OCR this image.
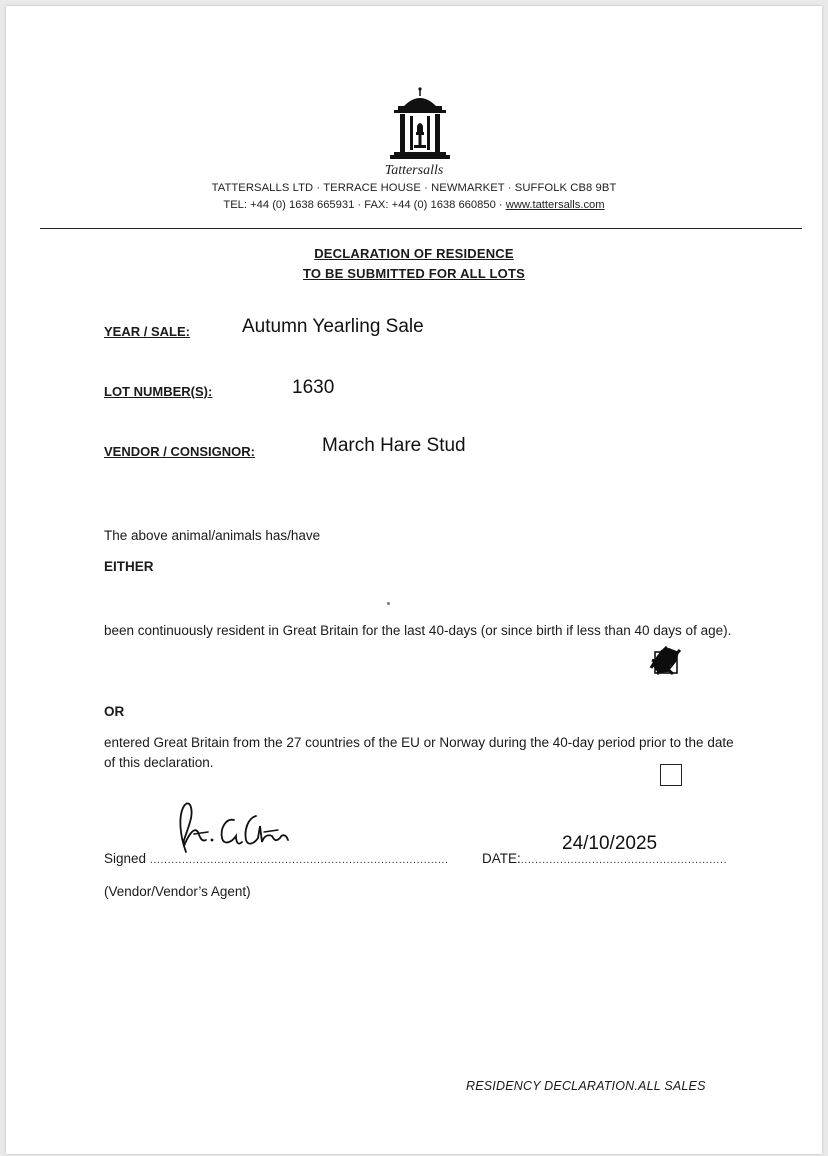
Tattersalls
TATTERSALLS LTD · TERRACE HOUSE · NEWMARKET · SUFFOLK CB8 9BT
TEL: +44 (0) 1638 665931 · FAX: +44 (0) 1638 660850 · www.tattersalls.com
DECLARATION OF RESIDENCE
TO BE SUBMITTED FOR ALL LOTS
YEAR / SALE:	Autumn Yearling Sale
LOT NUMBER(S):	1630
VENDOR / CONSIGNOR:	March Hare Stud
The above animal/animals has/have
EITHER
been continuously resident in Great Britain for the last 40-days (or since birth if less than 40 days of age).
OR
entered Great Britain from the 27 countries of the EU or Norway during the 40-day period prior to the date of this declaration.
Signed ....................................................................................
24/10/2025
DATE:..........................................................
(Vendor/Vendor’s Agent)
RESIDENCY DECLARATION.ALL SALES
